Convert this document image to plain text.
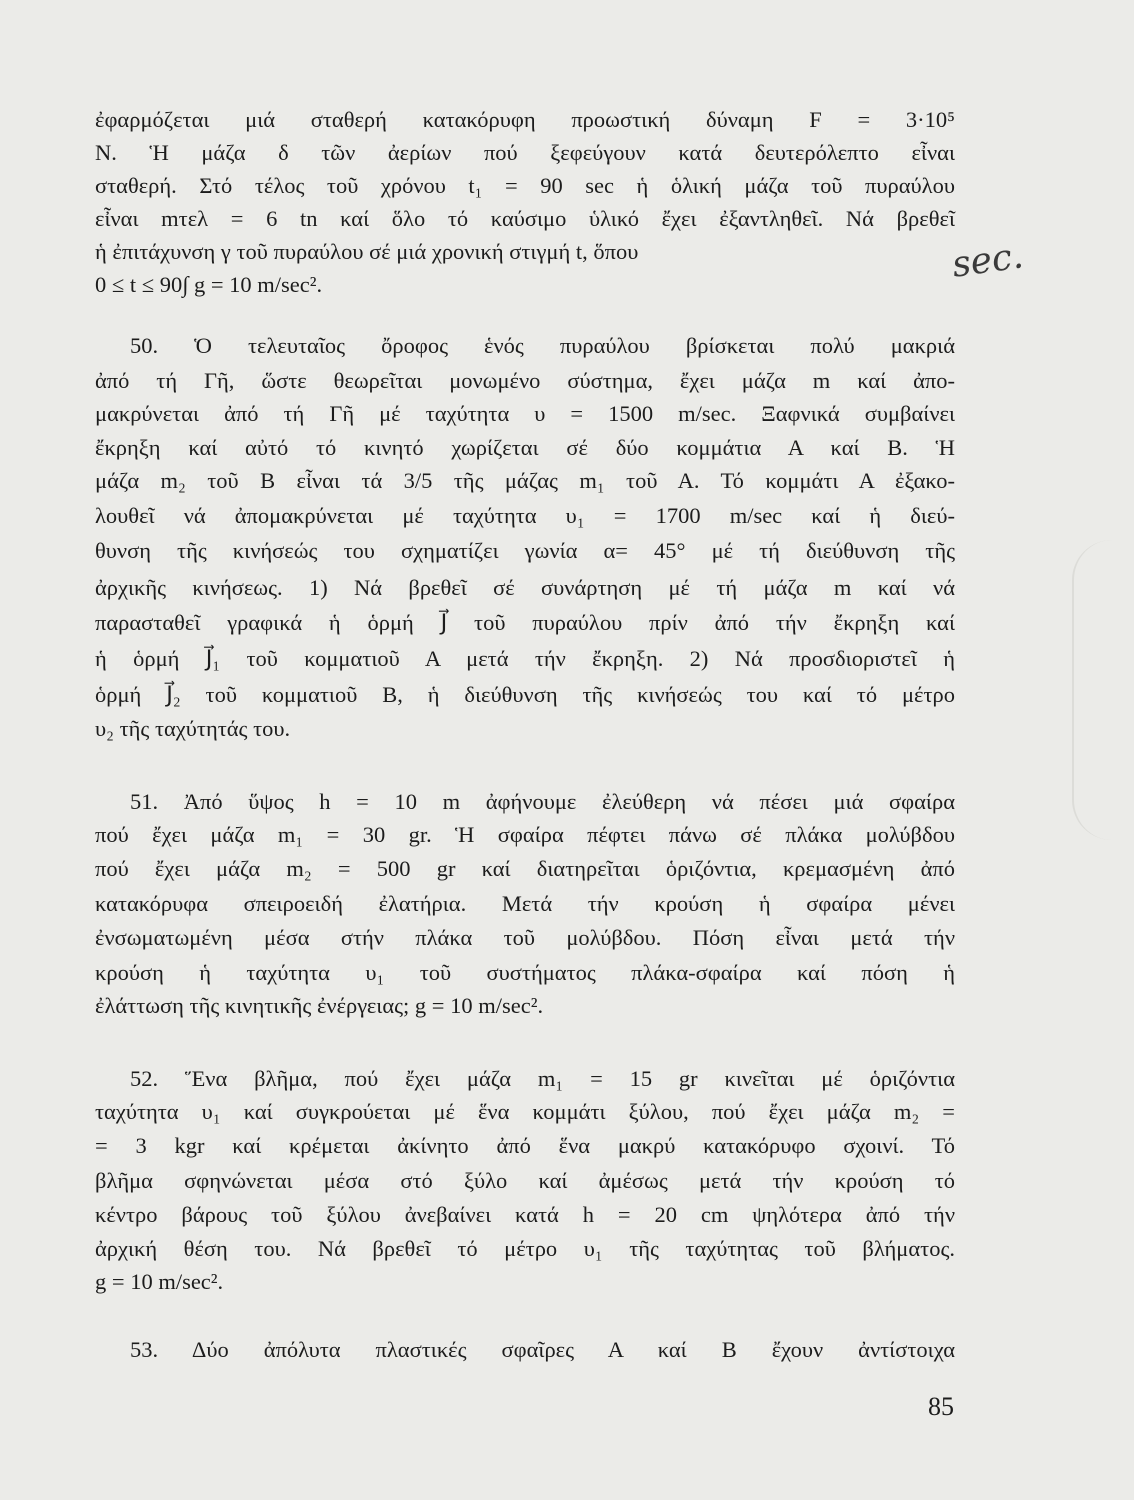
ἐφαρμόζεται μιά σταθερή κατακόρυφη προωστική δύναμη F = 3·10⁵
N. Ἡ μάζα δ τῶν ἀερίων πού ξεφεύγουν κατά δευτερόλεπτο εἶναι
σταθερή. Στό τέλος τοῦ χρόνου t₁ = 90 sec ἡ ὁλική μάζα τοῦ πυραύλου
εἶναι mτελ = 6 tn καί ὅλο τό καύσιμο ὑλικό ἔχει ἐξαντληθεῖ. Νά βρεθεῖ
ἡ ἐπιτάχυνση γ τοῦ πυραύλου σέ μιά χρονική στιγμή t, ὅπου
0 ≤ t ≤ 90∫ g = 10 m/sec².	sec.
50. Ὁ τελευταῖος ὄροφος ἑνός πυραύλου βρίσκεται πολύ μακριά
ἀπό τή Γῆ, ὥστε θεωρεῖται μονωμένο σύστημα, ἔχει μάζα m καί ἀπο-
μακρύνεται ἀπό τή Γῆ μέ ταχύτητα υ = 1500 m/sec. Ξαφνικά συμβαίνει
ἔκρηξη καί αὐτό τό κινητό χωρίζεται σέ δύο κομμάτια Α καί Β. Ἡ
μάζα m₂ τοῦ Β εἶναι τά 3/5 τῆς μάζας m₁ τοῦ Α. Τό κομμάτι Α ἐξακο-
λουθεῖ νά ἀπομακρύνεται μέ ταχύτητα υ₁ = 1700 m/sec καί ἡ διεύ-
θυνση τῆς κινήσεώς του σχηματίζει γωνία α= 45° μέ τή διεύθυνση τῆς
ἀρχικῆς κινήσεως. 1) Νά βρεθεῖ σέ συνάρτηση μέ τή μάζα m καί νά
παρασταθεῖ γραφικά ἡ ὁρμή J⃗ τοῦ πυραύλου πρίν ἀπό τήν ἔκρηξη καί
ἡ ὁρμή J⃗₁ τοῦ κομματιοῦ Α μετά τήν ἔκρηξη. 2) Νά προσδιοριστεῖ ἡ
ὁρμή J⃗₂ τοῦ κομματιοῦ Β, ἡ διεύθυνση τῆς κινήσεώς του καί τό μέτρο
υ₂ τῆς ταχύτητάς του.
51. Ἀπό ὕψος h = 10 m ἀφήνουμε ἐλεύθερη νά πέσει μιά σφαίρα
πού ἔχει μάζα m₁ = 30 gr. Ἡ σφαίρα πέφτει πάνω σέ πλάκα μολύβδου
πού ἔχει μάζα m₂ = 500 gr καί διατηρεῖται ὁριζόντια, κρεμασμένη ἀπό
κατακόρυφα σπειροειδή ἐλατήρια. Μετά τήν κρούση ἡ σφαίρα μένει
ἐνσωματωμένη μέσα στήν πλάκα τοῦ μολύβδου. Πόση εἶναι μετά τήν
κρούση ἡ ταχύτητα υ₁ τοῦ συστήματος πλάκα-σφαίρα καί πόση ἡ
ἐλάττωση τῆς κινητικῆς ἐνέργειας; g = 10 m/sec².
52. Ἕνα βλῆμα, πού ἔχει μάζα m₁ = 15 gr κινεῖται μέ ὁριζόντια
ταχύτητα υ₁ καί συγκρούεται μέ ἕνα κομμάτι ξύλου, πού ἔχει μάζα m₂ =
= 3 kgr καί κρέμεται ἀκίνητο ἀπό ἕνα μακρύ κατακόρυφο σχοινί. Τό
βλῆμα σφηνώνεται μέσα στό ξύλο καί ἀμέσως μετά τήν κρούση τό
κέντρο βάρους τοῦ ξύλου ἀνεβαίνει κατά h = 20 cm ψηλότερα ἀπό τήν
ἀρχική θέση του. Νά βρεθεῖ τό μέτρο υ₁ τῆς ταχύτητας τοῦ βλήματος.
g = 10 m/sec².
53. Δύο ἀπόλυτα πλαστικές σφαῖρες Α καί Β ἔχουν ἀντίστοιχα
85
